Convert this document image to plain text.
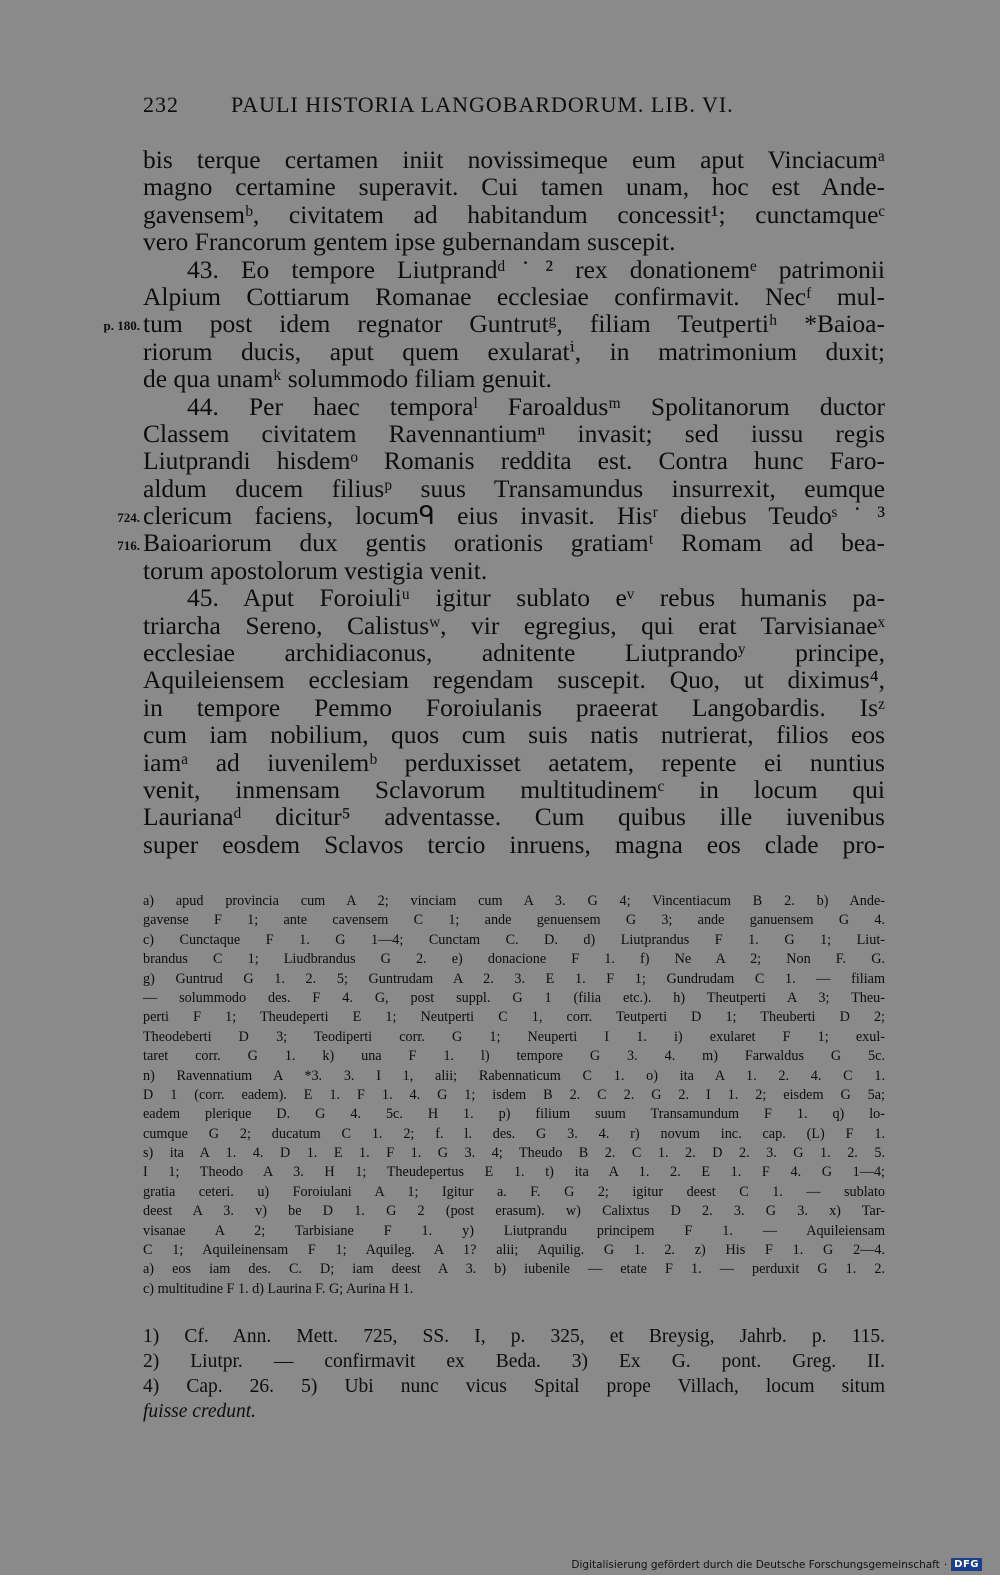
232 PAULI HISTORIA LANGOBARDORUM. LIB. VI.
p. 180.
724.
716.
bis terque certamen iniit novissimeque eum aput Vinciacumᵃ
magno certamine superavit. Cui tamen unam, hoc est Ande-
gavensemᵇ, civitatem ad habitandum concessit¹; cunctamqueᶜ
vero Francorum gentem ipse gubernandam suscepit.
43. Eo tempore Liutprandᵈ˙² rex donationemᵉ patrimonii
Alpium Cottiarum Romanae ecclesiae confirmavit. Necᶠ mul-
tum post idem regnator Guntrutᵍ, filiam Teutpertiʰ *Baioa-
riorum ducis, aput quem exularatⁱ, in matrimonium duxit;
de qua unamᵏ solummodo filiam genuit.
44. Per haec temporaˡ Faroaldusᵐ Spolitanorum ductor
Classem civitatem Ravennantiumⁿ invasit; sed iussu regis
Liutprandi hisdemᵒ Romanis reddita est. Contra hunc Faro-
aldum ducem filiusᵖ suus Transamundus insurrexit, eumque
clericum faciens, locumᑫ eius invasit. Hisʳ diebus Teudoˢ˙³
Baioariorum dux gentis orationis gratiamᵗ Romam ad bea-
torum apostolorum vestigia venit.
45. Aput Foroiuliᵘ igitur sublato eᵛ rebus humanis pa-
triarcha Sereno, Calistusʷ, vir egregius, qui erat Tarvisianaeˣ
ecclesiae archidiaconus, adnitente Liutprandoʸ principe,
Aquileiensem ecclesiam regendam suscepit. Quo, ut diximus⁴,
in tempore Pemmo Foroiulanis praeerat Langobardis. Isᶻ
cum iam nobilium, quos cum suis natis nutrierat, filios eos
iamᵃ ad iuvenilemᵇ perduxisset aetatem, repente ei nuntius
venit, inmensam Sclavorum multitudinemᶜ in locum qui
Laurianaᵈ dicitur⁵ adventasse. Cum quibus ille iuvenibus
super eosdem Sclavos tercio inruens, magna eos clade pro-
a) apud provincia cum A 2; vinciam cum A 3. G 4; Vincentiacum B 2. b) Ande-
gavense F 1; ante cavensem C 1; ande genuensem G 3; ande ganuensem G 4.
c) Cunctaque F 1. G 1—4; Cunctam C. D. d) Liutprandus F 1. G 1; Liut-
brandus C 1; Liudbrandus G 2. e) donacione F 1. f) Ne A 2; Non F. G.
g) Guntrud G 1. 2. 5; Guntrudam A 2. 3. E 1. F 1; Gundrudam C 1. — filiam
— solummodo des. F 4. G, post suppl. G 1 (filia etc.). h) Theutperti A 3; Theu-
perti F 1; Theudeperti E 1; Neutperti C 1, corr. Teutperti D 1; Theuberti D 2;
Theodeberti D 3; Teodiperti corr. G 1; Neuperti I 1. i) exularet F 1; exul-
taret corr. G 1. k) una F 1. l) tempore G 3. 4. m) Farwaldus G 5c.
n) Ravennatium A *3. 3. I 1, alii; Rabennaticum C 1. o) ita A 1. 2. 4. C 1.
D 1 (corr. eadem). E 1. F 1. 4. G 1; isdem B 2. C 2. G 2. I 1. 2; eisdem G 5a;
eadem plerique D. G 4. 5c. H 1. p) filium suum Transamundum F 1. q) lo-
cumque G 2; ducatum C 1. 2; f. l. des. G 3. 4. r) novum inc. cap. (L) F 1.
s) ita A 1. 4. D 1. E 1. F 1. G 3. 4; Theudo B 2. C 1. 2. D 2. 3. G 1. 2. 5.
I 1; Theodo A 3. H 1; Theudepertus E 1. t) ita A 1. 2. E 1. F 4. G 1—4;
gratia ceteri. u) Foroiulani A 1; Igitur a. F. G 2; igitur deest C 1. — sublato
deest A 3. v) be D 1. G 2 (post erasum). w) Calixtus D 2. 3. G 3. x) Tar-
visanae A 2; Tarbisiane F 1. y) Liutprandu principem F 1. — Aquileiensam
C 1; Aquileinensam F 1; Aquileg. A 1? alii; Aquilig. G 1. 2. z) His F 1. G 2—4.
a) eos iam des. C. D; iam deest A 3. b) iubenile — etate F 1. — perduxit G 1. 2.
c) multitudine F 1. d) Laurina F. G; Aurina H 1.
1) Cf. Ann. Mett. 725, SS. I, p. 325, et Breysig, Jahrb. p. 115.
2) Liutpr. — confirmavit ex Beda. 3) Ex G. pont. Greg. II.
4) Cap. 26. 5) Ubi nunc vicus Spital prope Villach, locum situm
fuisse credunt.
Digitalisierung gefördert durch die Deutsche Forschungsgemeinschaft · DFG
